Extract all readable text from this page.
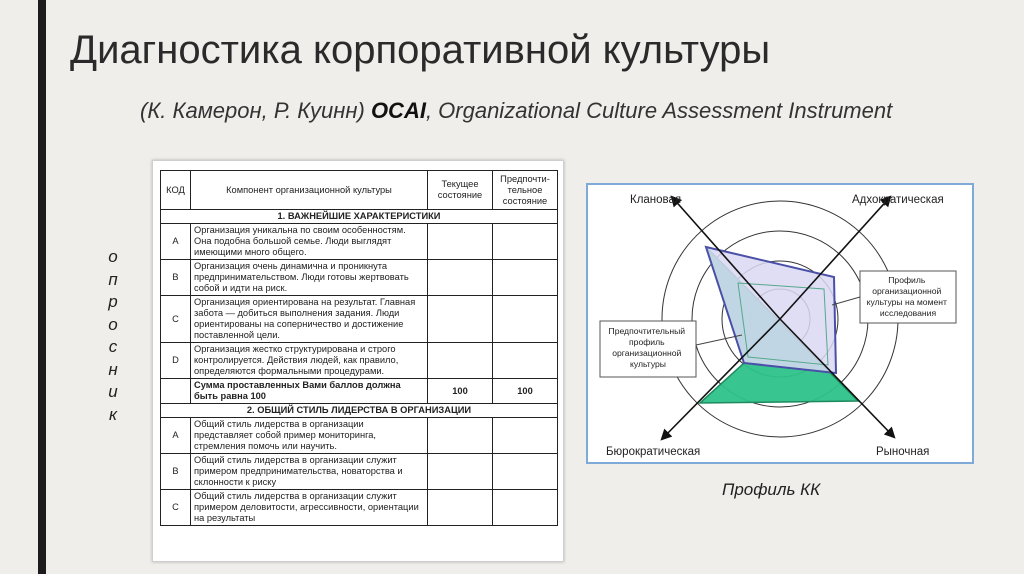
Диагностика корпоративной культуры
(К. Камерон, Р. Куинн) OCAI, Organizational Culture Assessment Instrument
о
п
р
о
с
н
и
к
КОД	Компонент организационной культуры	Текущее состояние	Предпочти-тельное состояние
1. ВАЖНЕЙШИЕ ХАРАКТЕРИСТИКИ			
A	Организация уникальна по своим особенностям. Она подобна большой семье. Люди выглядят имеющими много общего.		
B	Организация очень динамична и проникнута предпринимательством. Люди готовы жертвовать собой и идти на риск.		
C	Организация ориентирована на результат. Главная забота — добиться выполнения задания. Люди ориентированы на соперничество и достижение поставленной цели.		
D	Организация жестко структурирована и строго контролируется. Действия людей, как правило, определяются формальными процедурами.		
	Сумма проставленных Вами баллов должна быть равна 100	100	100
2. ОБЩИЙ СТИЛЬ ЛИДЕРСТВА В ОРГАНИЗАЦИИ			
A	Общий стиль лидерства в организации представляет собой пример мониторинга, стремления помочь или научить.		
B	Общий стиль лидерства в организации служит примером предпринимательства, новаторства и склонности к риску		
C	Общий стиль лидерства в организации служит примером деловитости, агрессивности, ориентации на результаты		
Клановая	Адхократическая
Бюрократическая	Рыночная
Профиль организационной культуры на момент исследования
Предпочтительный профиль организационной культуры
Профиль КК
